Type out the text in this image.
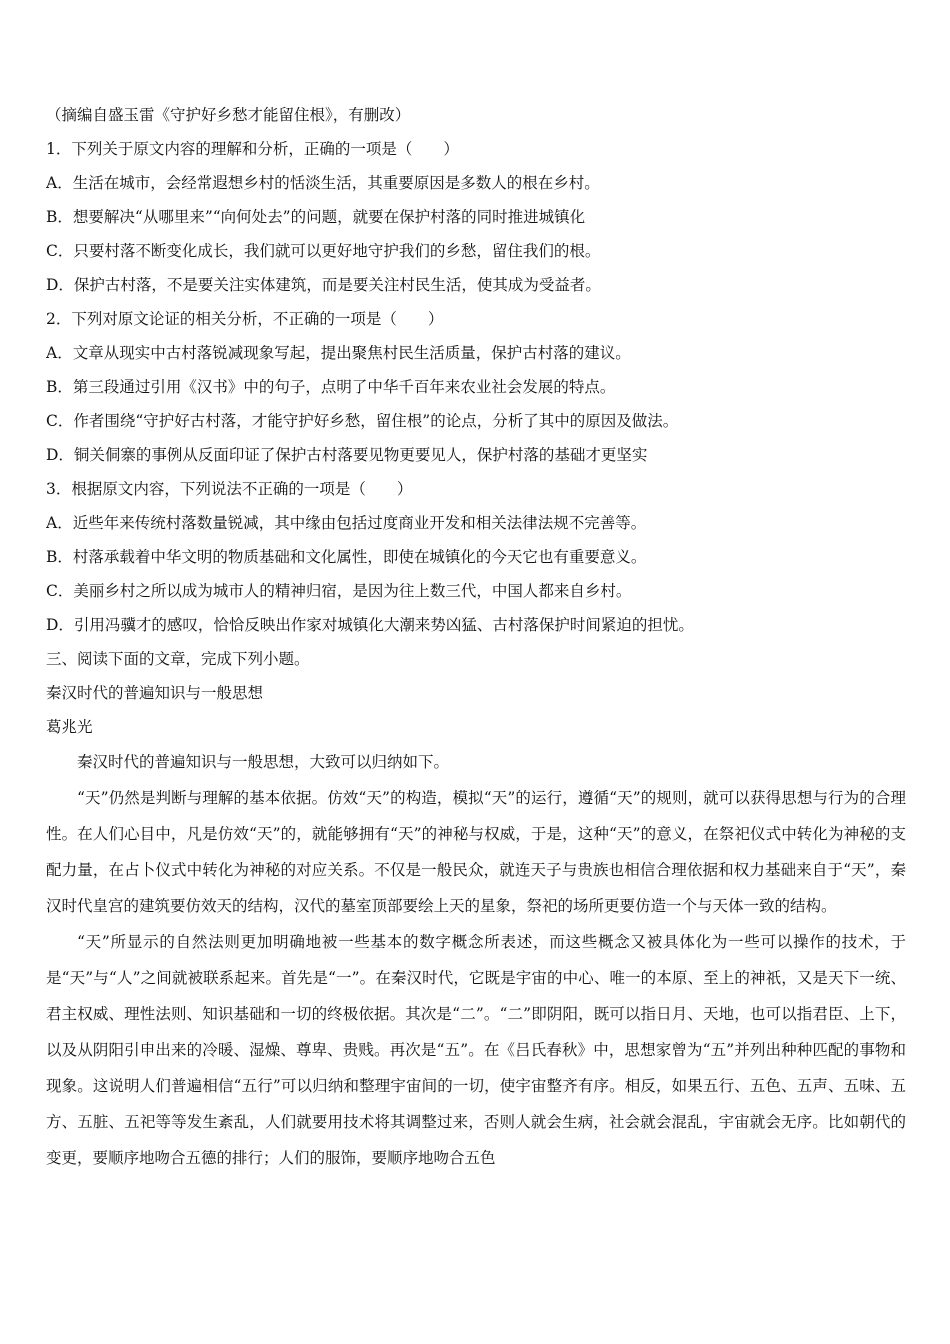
（摘编自盛玉雷《守护好乡愁才能留住根》，有删改）
1．下列关于原文内容的理解和分析，正确的一项是（　　）
A．生活在城市，会经常遐想乡村的恬淡生活，其重要原因是多数人的根在乡村。
B．想要解决“从哪里来”“向何处去”的问题，就要在保护村落的同时推进城镇化
C．只要村落不断变化成长，我们就可以更好地守护我们的乡愁，留住我们的根。
D．保护古村落，不是要关注实体建筑，而是要关注村民生活，使其成为受益者。
2．下列对原文论证的相关分析，不正确的一项是（　　）
A．文章从现实中古村落锐减现象写起，提出聚焦村民生活质量，保护古村落的建议。
B．第三段通过引用《汉书》中的句子，点明了中华千百年来农业社会发展的特点。
C．作者围绕“守护好古村落，才能守护好乡愁，留住根”的论点，分析了其中的原因及做法。
D．铜关侗寨的事例从反面印证了保护古村落要见物更要见人，保护村落的基础才更坚实
3．根据原文内容，下列说法不正确的一项是（　　）
A．近些年来传统村落数量锐减，其中缘由包括过度商业开发和相关法律法规不完善等。
B．村落承载着中华文明的物质基础和文化属性，即使在城镇化的今天它也有重要意义。
C．美丽乡村之所以成为城市人的精神归宿，是因为往上数三代，中国人都来自乡村。
D．引用冯骥才的感叹，恰恰反映出作家对城镇化大潮来势凶猛、古村落保护时间紧迫的担忧。
三、阅读下面的文章，完成下列小题。
秦汉时代的普遍知识与一般思想
葛兆光

秦汉时代的普遍知识与一般思想，大致可以归纳如下。

“天”仍然是判断与理解的基本依据。仿效“天”的构造，模拟“天”的运行，遵循“天”的规则，就可以获得思想与行为的合理性。在人们心目中，凡是仿效“天”的，就能够拥有“天”的神秘与权威，于是，这种“天”的意义，在祭祀仪式中转化为神秘的支配力量，在占卜仪式中转化为神秘的对应关系。不仅是一般民众，就连天子与贵族也相信合理依据和权力基础来自于“天”，秦汉时代皇宫的建筑要仿效天的结构，汉代的墓室顶部要绘上天的星象，祭祀的场所更要仿造一个与天体一致的结构。

“天”所显示的自然法则更加明确地被一些基本的数字概念所表述，而这些概念又被具体化为一些可以操作的技术，于是“天”与“人”之间就被联系起来。首先是“一”。在秦汉时代，它既是宇宙的中心、唯一的本原、至上的神祇，又是天下一统、君主权威、理性法则、知识基础和一切的终极依据。其次是“二”。“二”即阴阳，既可以指日月、天地，也可以指君臣、上下，以及从阴阳引申出来的冷暖、湿燥、尊卑、贵贱。再次是“五”。在《吕氏春秋》中，思想家曾为“五”并列出种种匹配的事物和现象。这说明人们普遍相信“五行”可以归纳和整理宇宙间的一切，使宇宙整齐有序。相反，如果五行、五色、五声、五味、五方、五脏、五祀等等发生紊乱，人们就要用技术将其调整过来，否则人就会生病，社会就会混乱，宇宙就会无序。比如朝代的变更，要顺序地吻合五德的排行；人们的服饰，要顺序地吻合五色
